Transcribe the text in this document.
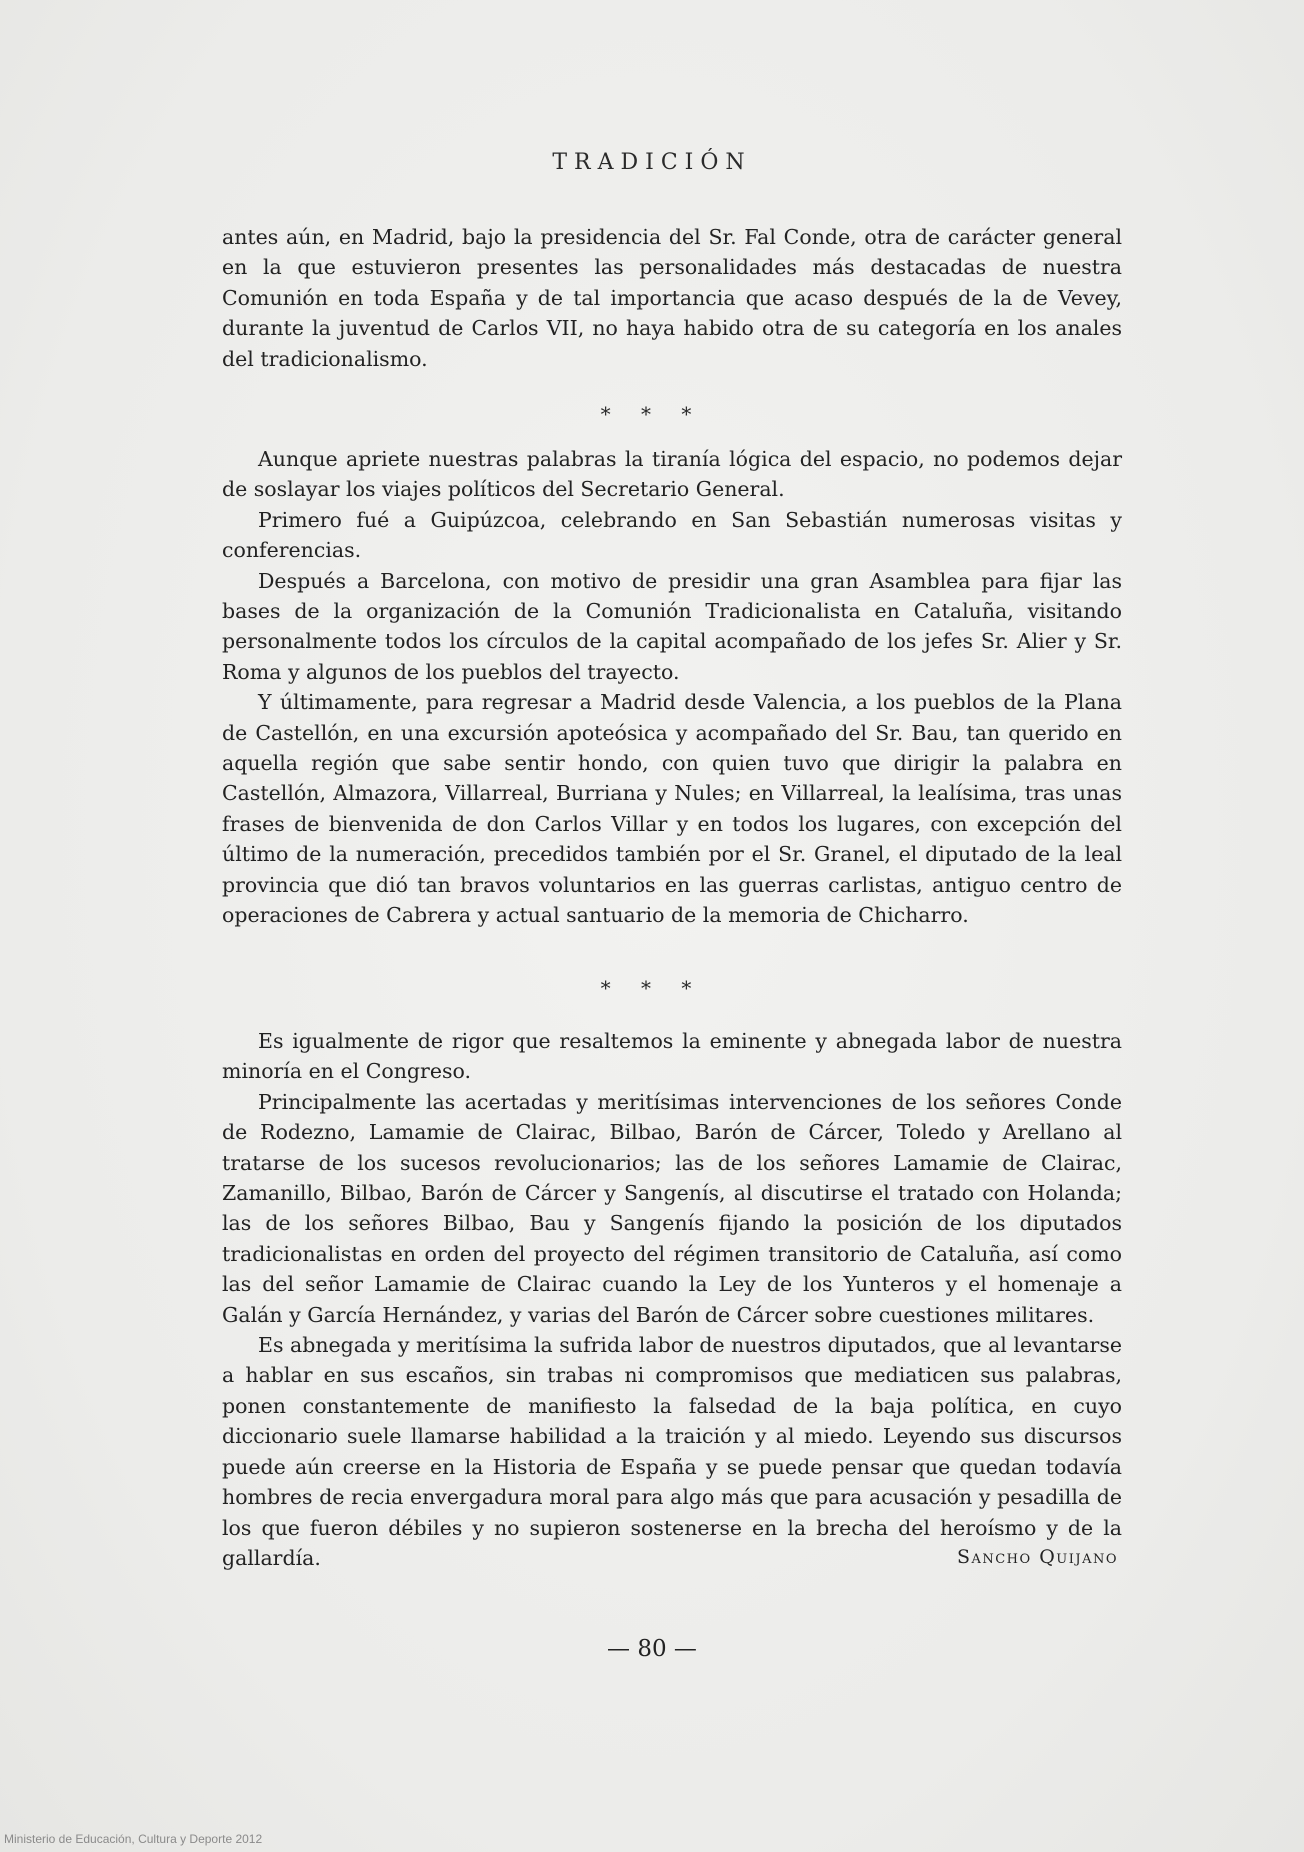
TRADICIÓN

antes aún, en Madrid, bajo la presidencia del Sr. Fal Conde, otra de carácter general en la que estuvieron presentes las personalidades más destacadas de nuestra Comunión en toda España y de tal importancia que acaso después de la de Vevey, durante la juventud de Carlos VII, no haya habido otra de su categoría en los anales del tradicionalismo.

* * *

Aunque apriete nuestras palabras la tiranía lógica del espacio, no podemos dejar de soslayar los viajes políticos del Secretario General.

Primero fué a Guipúzcoa, celebrando en San Sebastián numerosas visitas y conferencias.

Después a Barcelona, con motivo de presidir una gran Asamblea para fijar las bases de la organización de la Comunión Tradicionalista en Cataluña, visitando personalmente todos los círculos de la capital acompañado de los jefes Sr. Alier y Sr. Roma y algunos de los pueblos del trayecto.

Y últimamente, para regresar a Madrid desde Valencia, a los pueblos de la Plana de Castellón, en una excursión apoteósica y acompañado del Sr. Bau, tan querido en aquella región que sabe sentir hondo, con quien tuvo que dirigir la palabra en Castellón, Almazora, Villarreal, Burriana y Nules; en Villarreal, la lealísima, tras unas frases de bienvenida de don Carlos Villar y en todos los lugares, con excepción del último de la numeración, precedidos también por el Sr. Granel, el diputado de la leal provincia que dió tan bravos voluntarios en las guerras carlistas, antiguo centro de operaciones de Cabrera y actual santuario de la memoria de Chicharro.

* * *

Es igualmente de rigor que resaltemos la eminente y abnegada labor de nuestra minoría en el Congreso.

Principalmente las acertadas y meritísimas intervenciones de los señores Conde de Rodezno, Lamamie de Clairac, Bilbao, Barón de Cárcer, Toledo y Arellano al tratarse de los sucesos revolucionarios; las de los señores Lamamie de Clairac, Zamanillo, Bilbao, Barón de Cárcer y Sangenís, al discutirse el tratado con Holanda; las de los señores Bilbao, Bau y Sangenís fijando la posición de los diputados tradicionalistas en orden del proyecto del régimen transitorio de Cataluña, así como las del señor Lamamie de Clairac cuando la Ley de los Yunteros y el homenaje a Galán y García Hernández, y varias del Barón de Cárcer sobre cuestiones militares.

Es abnegada y meritísima la sufrida labor de nuestros diputados, que al levantarse a hablar en sus escaños, sin trabas ni compromisos que mediaticen sus palabras, ponen constantemente de manifiesto la falsedad de la baja política, en cuyo diccionario suele llamarse habilidad a la traición y al miedo. Leyendo sus discursos puede aún creerse en la Historia de España y se puede pensar que quedan todavía hombres de recia envergadura moral para algo más que para acusación y pesadilla de los que fueron débiles y no supieron sostenerse en la brecha del heroísmo y de la gallardía.	Sancho Quijano
— 80 —
Ministerio de Educación, Cultura y Deporte 2012
